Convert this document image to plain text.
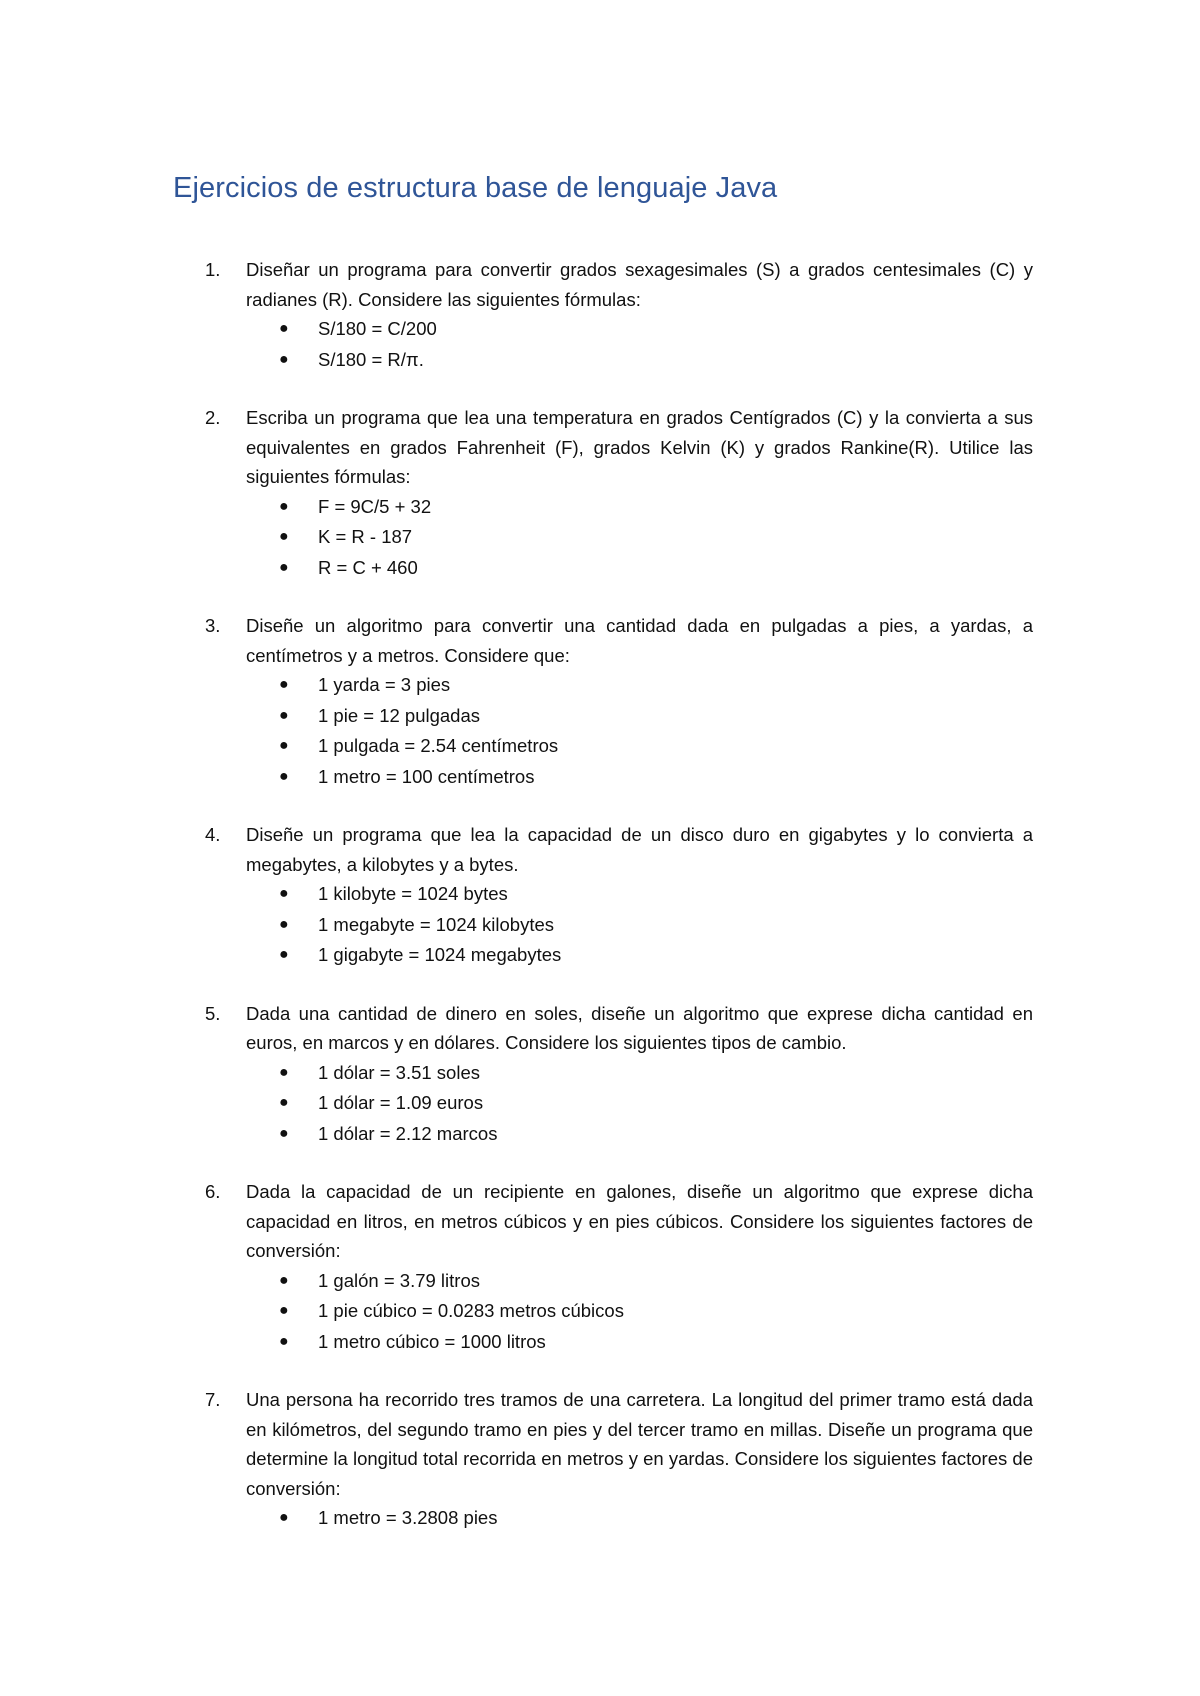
Ejercicios de estructura base de lenguaje Java
1. Diseñar un programa para convertir grados sexagesimales (S) a grados centesimales (C) y radianes (R). Considere las siguientes fórmulas:

● S/180 = C/200
● S/180 = R/π.
2. Escriba un programa que lea una temperatura en grados Centígrados (C) y la convierta a sus equivalentes en grados Fahrenheit (F), grados Kelvin (K) y grados Rankine(R). Utilice las siguientes fórmulas:

● F = 9C/5 + 32
● K = R - 187
● R = C + 460
3. Diseñe un algoritmo para convertir una cantidad dada en pulgadas a pies, a yardas, a centímetros y a metros. Considere que:

● 1 yarda = 3 pies
● 1 pie = 12 pulgadas
● 1 pulgada = 2.54 centímetros
● 1 metro = 100 centímetros
4. Diseñe un programa que lea la capacidad de un disco duro en gigabytes y lo convierta a megabytes, a kilobytes y a bytes.

● 1 kilobyte = 1024 bytes
● 1 megabyte = 1024 kilobytes
● 1 gigabyte = 1024 megabytes
5. Dada una cantidad de dinero en soles, diseñe un algoritmo que exprese dicha cantidad en euros, en marcos y en dólares. Considere los siguientes tipos de cambio.

● 1 dólar = 3.51 soles
● 1 dólar = 1.09 euros
● 1 dólar = 2.12 marcos
6. Dada la capacidad de un recipiente en galones, diseñe un algoritmo que exprese dicha capacidad en litros, en metros cúbicos y en pies cúbicos. Considere los siguientes factores de conversión:

● 1 galón = 3.79 litros
● 1 pie cúbico = 0.0283 metros cúbicos
● 1 metro cúbico = 1000 litros
7. Una persona ha recorrido tres tramos de una carretera. La longitud del primer tramo está dada en kilómetros, del segundo tramo en pies y del tercer tramo en millas. Diseñe un programa que determine la longitud total recorrida en metros y en yardas. Considere los siguientes factores de conversión:

● 1 metro = 3.2808 pies
